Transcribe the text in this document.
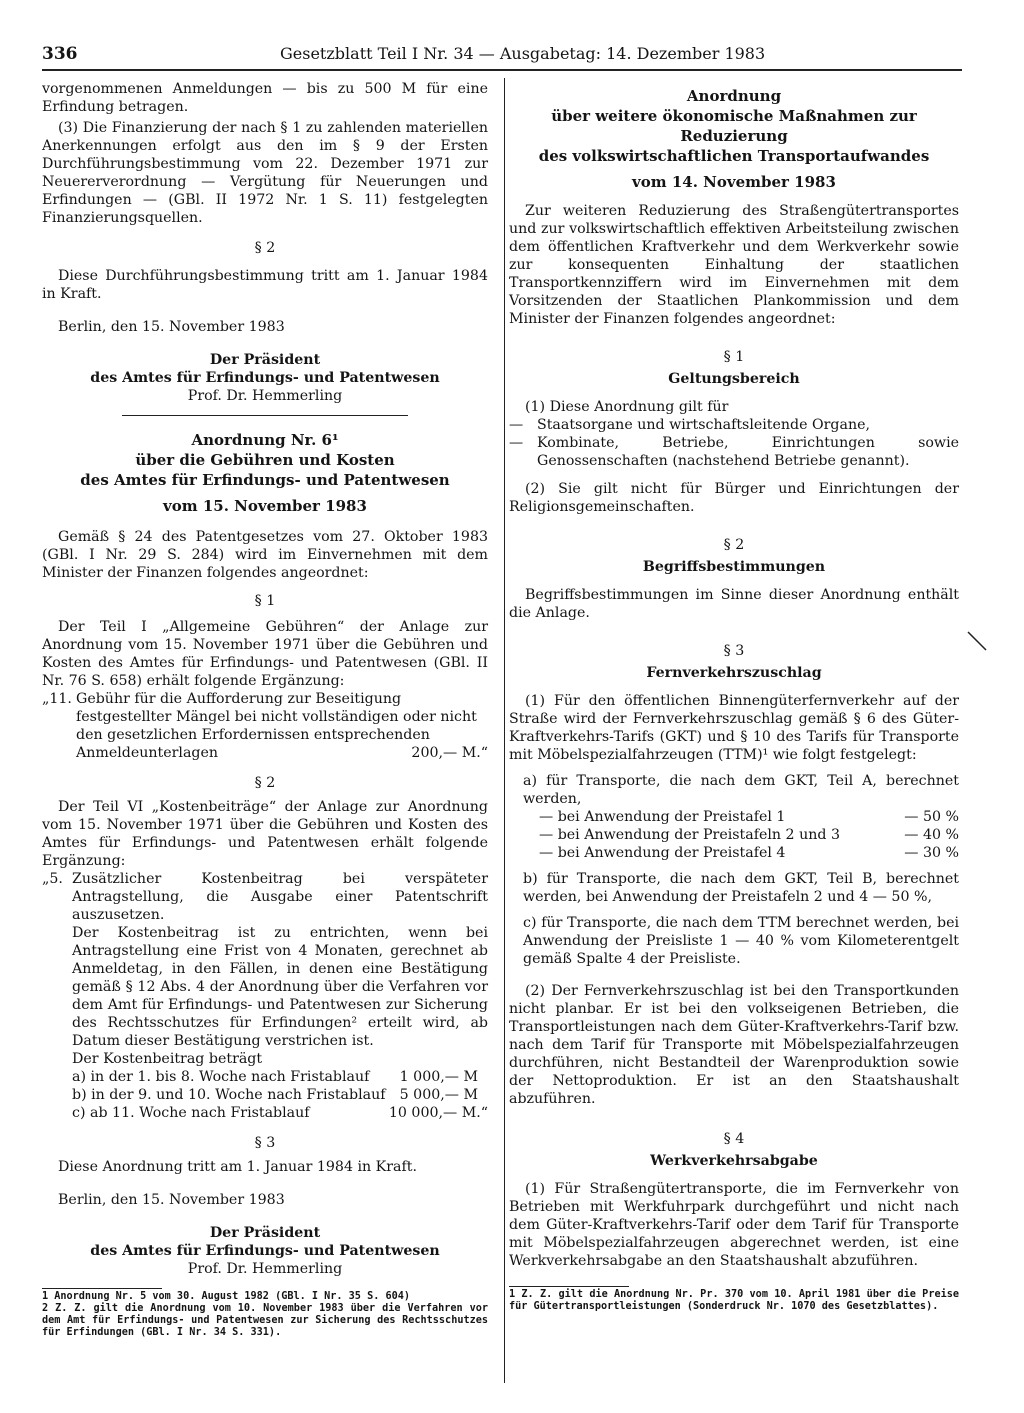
336	Gesetzblatt Teil I Nr. 34 — Ausgabetag: 14. Dezember 1983

vorgenommenen Anmeldungen — bis zu 500 M für eine Erfindung betragen.

(3) Die Finanzierung der nach § 1 zu zahlenden materiellen Anerkennungen erfolgt aus den im § 9 der Ersten Durchführungsbestimmung vom 22. Dezember 1971 zur Neuererverordnung — Vergütung für Neuerungen und Erfindungen — (GBl. II 1972 Nr. 1 S. 11) festgelegten Finanzierungsquellen.

§ 2

Diese Durchführungsbestimmung tritt am 1. Januar 1984 in Kraft.

Berlin, den 15. November 1983

Der Präsident

des Amtes für Erfindungs- und Patentwesen

Prof. Dr. Hemmerling

Anordnung Nr. 6¹

über die Gebühren und Kosten

des Amtes für Erfindungs- und Patentwesen

vom 15. November 1983

Gemäß § 24 des Patentgesetzes vom 27. Oktober 1983 (GBl. I Nr. 29 S. 284) wird im Einvernehmen mit dem Minister der Finanzen folgendes angeordnet:

§ 1

Der Teil I „Allgemeine Gebühren“ der Anlage zur Anordnung vom 15. November 1971 über die Gebühren und Kosten des Amtes für Erfindungs- und Patentwesen (GBl. II Nr. 76 S. 658) erhält folgende Ergänzung:

„11. Gebühr für die Aufforderung zur Beseitigung festgestellter Mängel bei nicht vollständigen oder nicht den gesetzlichen Erfordernissen entsprechenden Anmeldeunterlagen	200,— M.“

§ 2

Der Teil VI „Kostenbeiträge“ der Anlage zur Anordnung vom 15. November 1971 über die Gebühren und Kosten des Amtes für Erfindungs- und Patentwesen erhält folgende Ergänzung:

„5. Zusätzlicher Kostenbeitrag bei verspäteter Antragstellung, die Ausgabe einer Patentschrift auszusetzen.

Der Kostenbeitrag ist zu entrichten, wenn bei Antragstellung eine Frist von 4 Monaten, gerechnet ab Anmeldetag, in den Fällen, in denen eine Bestätigung gemäß § 12 Abs. 4 der Anordnung über die Verfahren vor dem Amt für Erfindungs- und Patentwesen zur Sicherung des Rechtsschutzes für Erfindungen² erteilt wird, ab Datum dieser Bestätigung verstrichen ist.

Der Kostenbeitrag beträgt

a) in der 1. bis 8. Woche nach Fristablauf 1 000,— M
b) in der 9. und 10. Woche nach Fristablauf 5 000,— M
c) ab 11. Woche nach Fristablauf	10 000,— M.“

§ 3

Diese Anordnung tritt am 1. Januar 1984 in Kraft.

Berlin, den 15. November 1983

Der Präsident

des Amtes für Erfindungs- und Patentwesen

Prof. Dr. Hemmerling

1 Anordnung Nr. 5 vom 30. August 1982 (GBl. I Nr. 35 S. 604)

2 Z. Z. gilt die Anordnung vom 10. November 1983 über die Verfahren vor dem Amt für Erfindungs- und Patentwesen zur Sicherung des Rechtsschutzes für Erfindungen (GBl. I Nr. 34 S. 331).

Anordnung

über weitere ökonomische Maßnahmen zur Reduzierung

des volkswirtschaftlichen Transportaufwandes

vom 14. November 1983

Zur weiteren Reduzierung des Straßengütertransportes und zur volkswirtschaftlich effektiven Arbeitsteilung zwischen dem öffentlichen Kraftverkehr und dem Werkverkehr sowie zur konsequenten Einhaltung der staatlichen Transportkennziffern wird im Einvernehmen mit dem Vorsitzenden der Staatlichen Plankommission und dem Minister der Finanzen folgendes angeordnet:

§ 1

Geltungsbereich

(1) Diese Anordnung gilt für

— Staatsorgane und wirtschaftsleitende Organe,

— Kombinate, Betriebe, Einrichtungen sowie Genossenschaften (nachstehend Betriebe genannt).

(2) Sie gilt nicht für Bürger und Einrichtungen der Religionsgemeinschaften.

§ 2

Begriffsbestimmungen

Begriffsbestimmungen im Sinne dieser Anordnung enthält die Anlage.

§ 3

Fernverkehrszuschlag

(1) Für den öffentlichen Binnengüterfernverkehr auf der Straße wird der Fernverkehrszuschlag gemäß § 6 des Güter-Kraftverkehrs-Tarifs (GKT) und § 10 des Tarifs für Transporte mit Möbelspezialfahrzeugen (TTM)¹ wie folgt festgelegt:

a) für Transporte, die nach dem GKT, Teil A, berechnet werden,

— bei Anwendung der Preistafel 1	— 50 %
— bei Anwendung der Preistafeln 2 und 3	— 40 %
— bei Anwendung der Preistafel 4	— 30 %

b) für Transporte, die nach dem GKT, Teil B, berechnet werden, bei Anwendung der Preistafeln 2 und 4 — 50 %,

c) für Transporte, die nach dem TTM berechnet werden, bei Anwendung der Preisliste 1 — 40 % vom Kilometerentgelt gemäß Spalte 4 der Preisliste.

(2) Der Fernverkehrszuschlag ist bei den Transportkunden nicht planbar. Er ist bei den volkseigenen Betrieben, die Transportleistungen nach dem Güter-Kraftverkehrs-Tarif bzw. nach dem Tarif für Transporte mit Möbelspezialfahrzeugen durchführen, nicht Bestandteil der Warenproduktion sowie der Nettoproduktion. Er ist an den Staatshaushalt abzuführen.

§ 4

Werkverkehrsabgabe

(1) Für Straßengütertransporte, die im Fernverkehr von Betrieben mit Werkfuhrpark durchgeführt und nicht nach dem Güter-Kraftverkehrs-Tarif oder dem Tarif für Transporte mit Möbelspezialfahrzeugen abgerechnet werden, ist eine Werkverkehrsabgabe an den Staatshaushalt abzuführen.

1 Z. Z. gilt die Anordnung Nr. Pr. 370 vom 10. April 1981 über die Preise für Gütertransportleistungen (Sonderdruck Nr. 1070 des Gesetzblattes).
